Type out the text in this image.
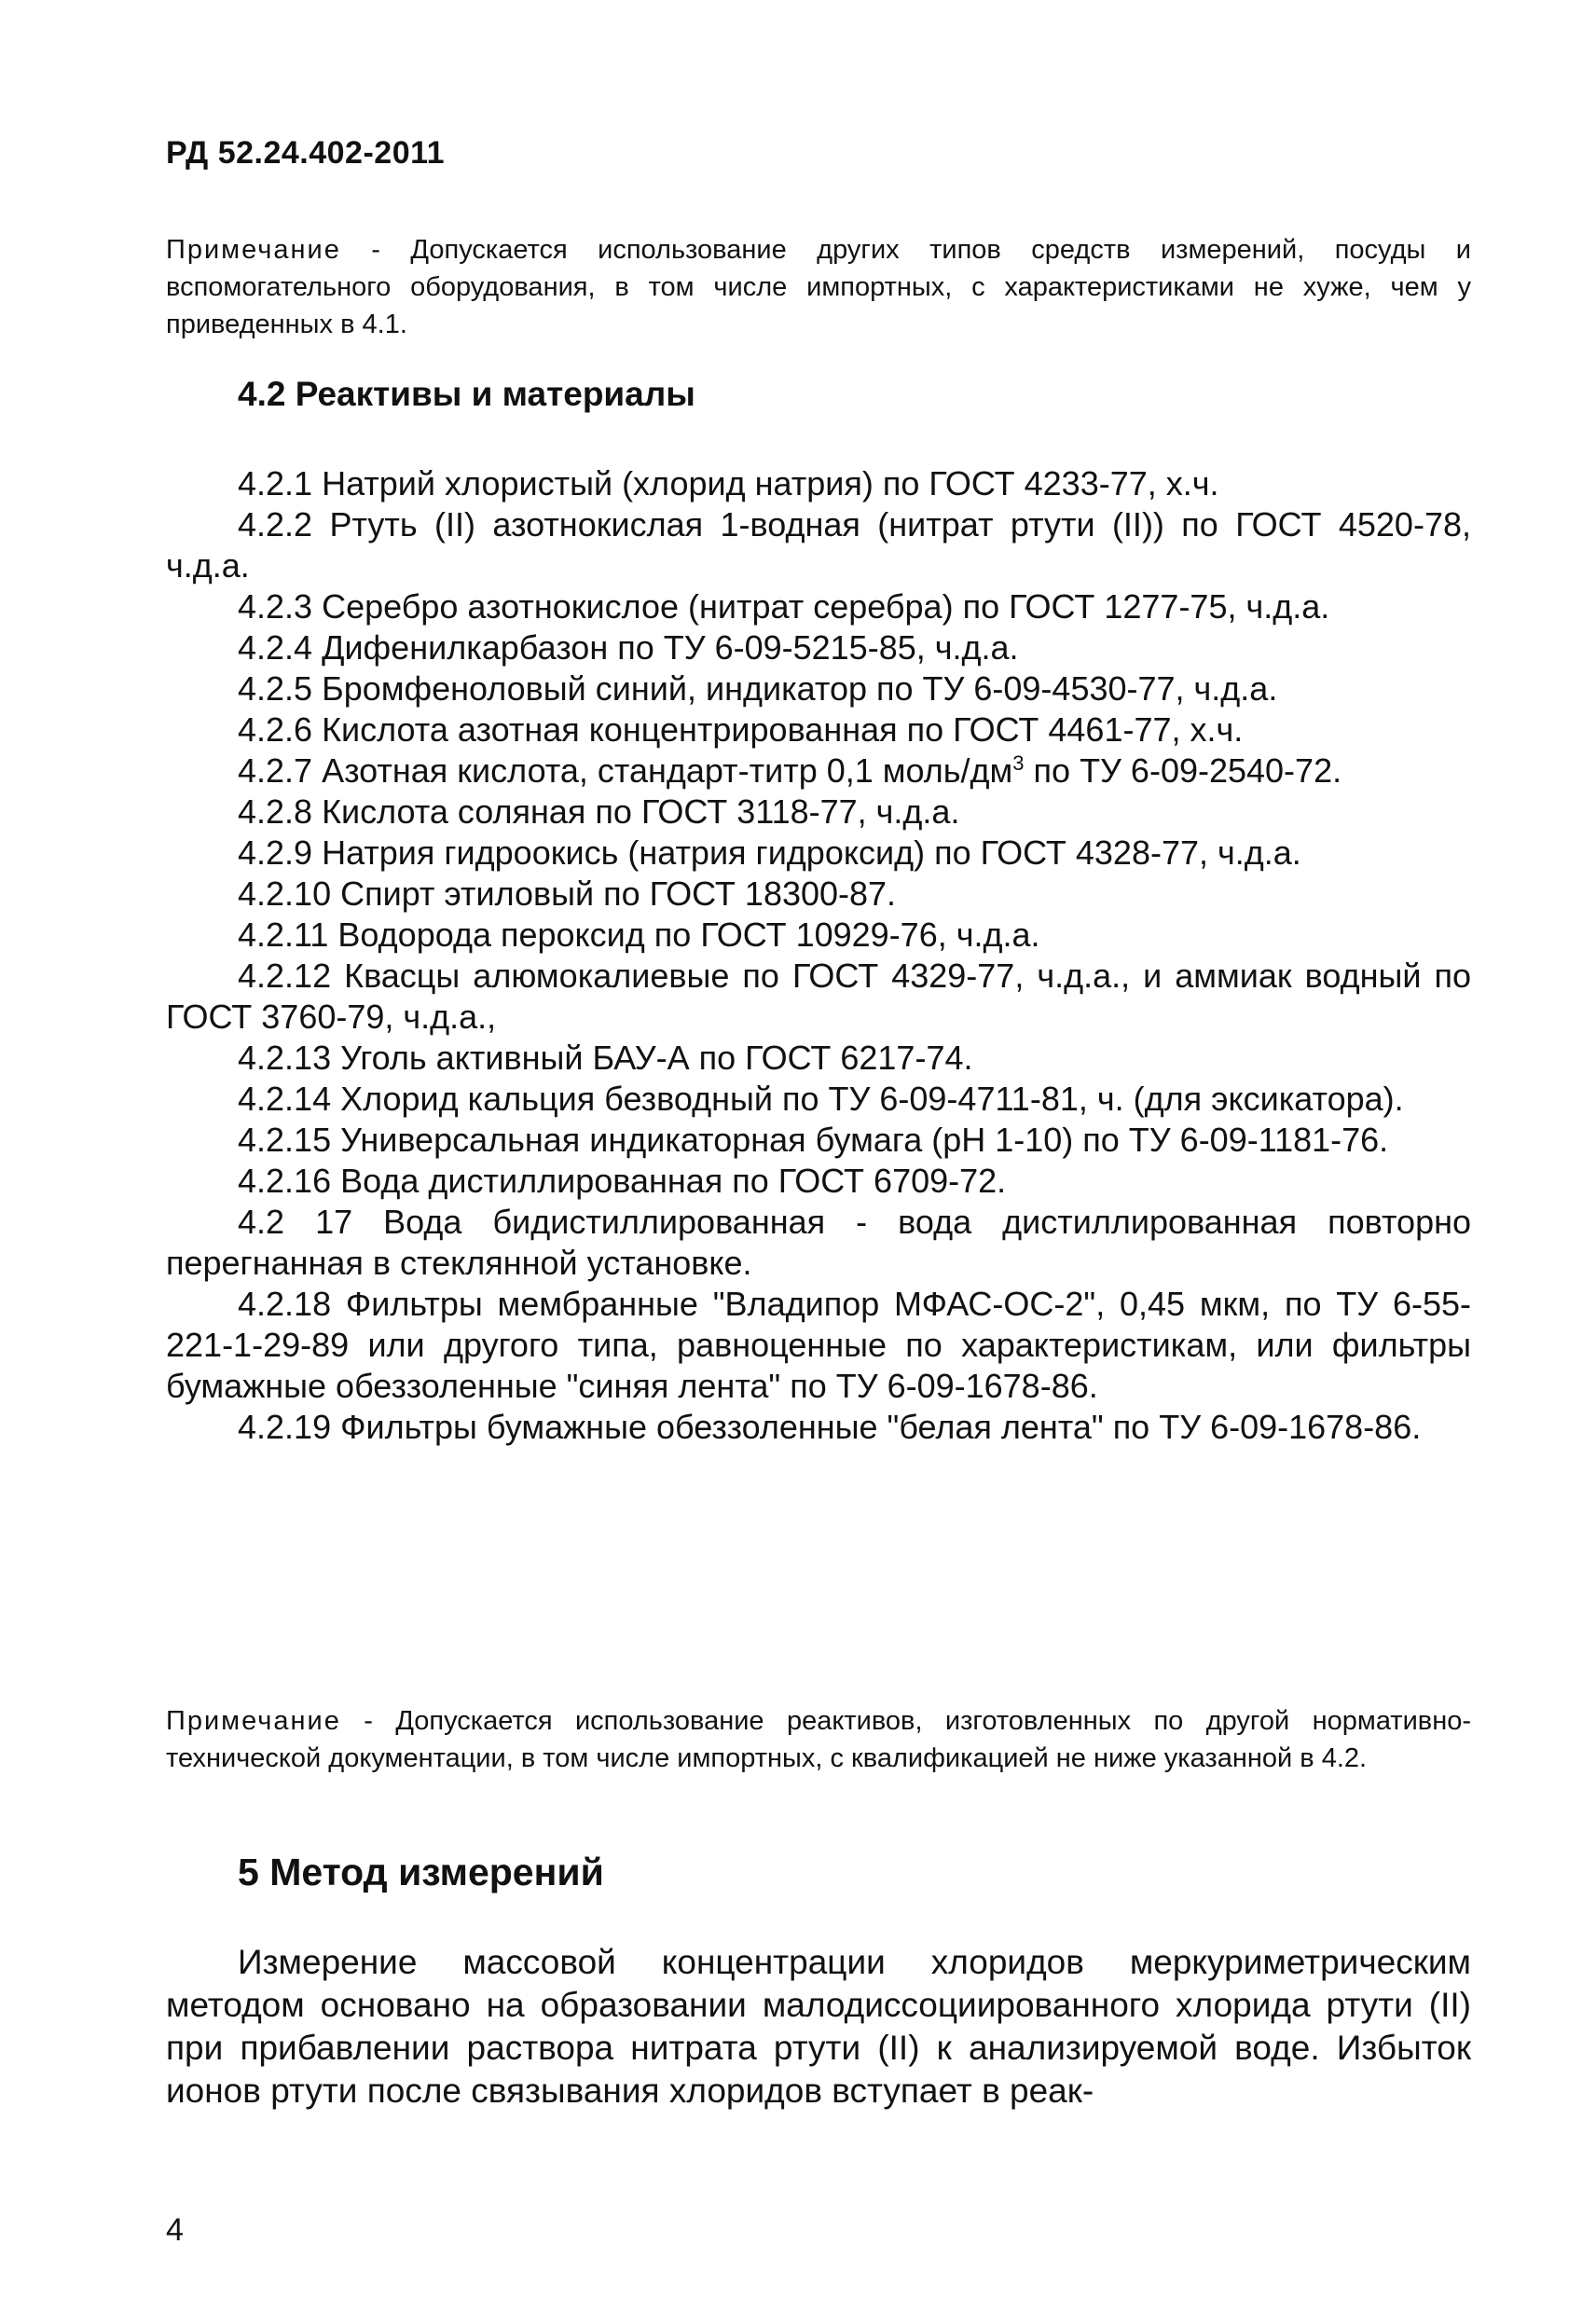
РД 52.24.402-2011
Примечание - Допускается использование других типов средств измерений, посуды и вспомогательного оборудования, в том числе импортных, с характеристиками не хуже, чем у приведенных в 4.1.
4.2 Реактивы и материалы

4.2.1 Натрий хлористый (хлорид натрия) по ГОСТ 4233-77, х.ч.

4.2.2 Ртуть (II) азотнокислая 1-водная (нитрат ртути (II)) по ГОСТ 4520-78, ч.д.а.

4.2.3 Серебро азотнокислое (нитрат серебра) по ГОСТ 1277-75, ч.д.а.

4.2.4 Дифенилкарбазон по ТУ 6-09-5215-85, ч.д.а.

4.2.5 Бромфеноловый синий, индикатор по ТУ 6-09-4530-77, ч.д.а.

4.2.6 Кислота азотная концентрированная по ГОСТ 4461-77, х.ч.

4.2.7 Азотная кислота, стандарт-титр 0,1 моль/$дм^3$ по ТУ 6-09-2540-72.

4.2.8 Кислота соляная по ГОСТ 3118-77, ч.д.а.

4.2.9 Натрия гидроокись (натрия гидроксид) по ГОСТ 4328-77, ч.д.а.

4.2.10 Спирт этиловый по ГОСТ 18300-87.

4.2.11 Водорода пероксид по ГОСТ 10929-76, ч.д.а.

4.2.12 Квасцы алюмокалиевые по ГОСТ 4329-77, ч.д.а., и аммиак водный по ГОСТ 3760-79, ч.д.а.,

4.2.13 Уголь активный БАУ-А по ГОСТ 6217-74.

4.2.14 Хлорид кальция безводный по ТУ 6-09-4711-81, ч. (для эксикатора).

4.2.15 Универсальная индикаторная бумага (рН 1-10) по ТУ 6-09-1181-76.

4.2.16 Вода дистиллированная по ГОСТ 6709-72.

4.2 17 Вода бидистиллированная - вода дистиллированная повторно перегнанная в стеклянной установке.

4.2.18 Фильтры мембранные "Владипор МФАС-ОС-2", 0,45 мкм, по ТУ 6-55-221-1-29-89 или другого типа, равноценные по характеристикам, или фильтры бумажные обеззоленные "синяя лента" по ТУ 6-09-1678-86.

4.2.19 Фильтры бумажные обеззоленные "белая лента" по ТУ 6-09-1678-86.

Примечание - Допускается использование реактивов, изготовленных по другой нормативно-технической документации, в том числе импортных, с квалификацией не ниже указанной в 4.2.
5 Метод измерений

Измерение массовой концентрации хлоридов меркуриметрическим методом основано на образовании малодиссоциированного хлорида ртути (II) при прибавлении раствора нитрата ртути (II) к анализируемой воде. Избыток ионов ртути после связывания хлоридов вступает в реак-

4
